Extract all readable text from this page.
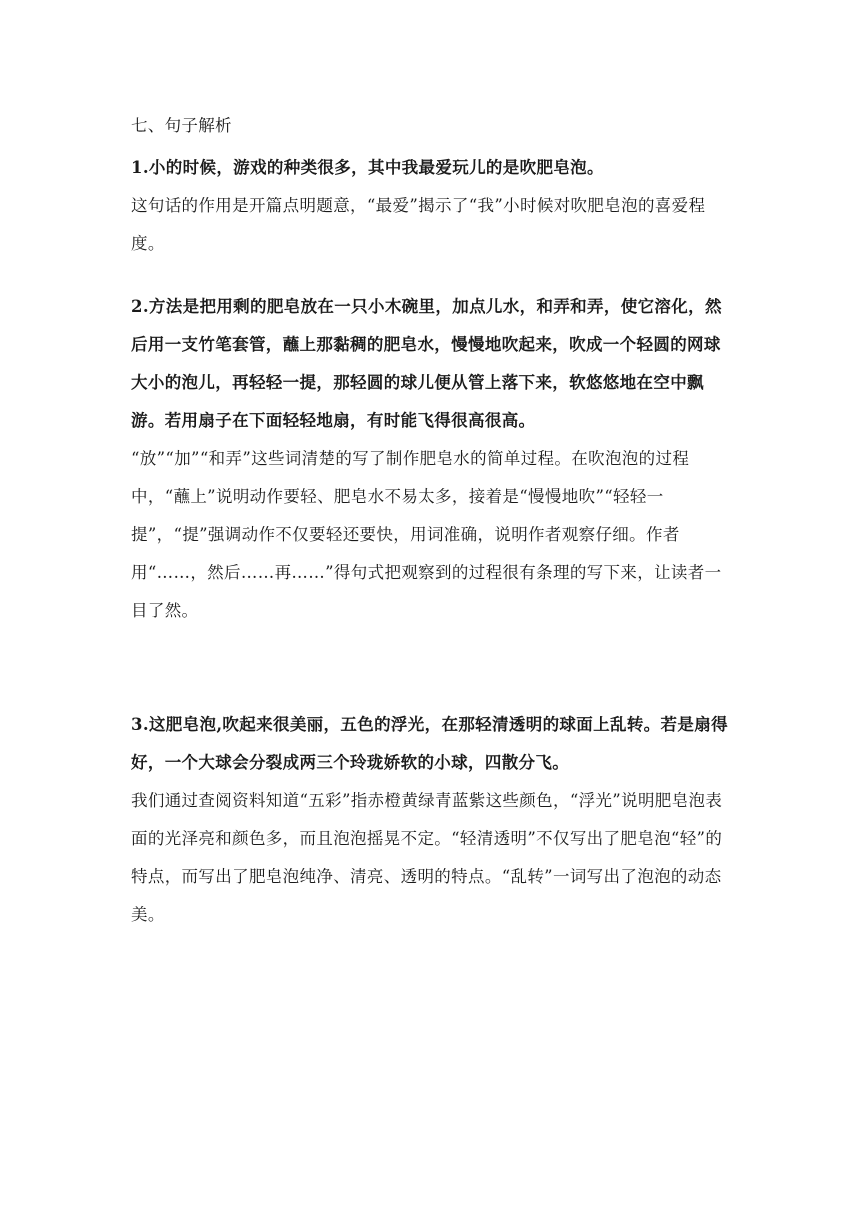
七、句子解析

1.小的时候，游戏的种类很多，其中我最爱玩儿的是吹肥皂泡。

这句话的作用是开篇点明题意，“最爱”揭示了“我”小时候对吹肥皂泡的喜爱程度。

2.方法是把用剩的肥皂放在一只小木碗里，加点儿水，和弄和弄，使它溶化，然后用一支竹笔套管，蘸上那黏稠的肥皂水，慢慢地吹起来，吹成一个轻圆的网球大小的泡儿，再轻轻一提，那轻圆的球儿便从管上落下来，软悠悠地在空中飘游。若用扇子在下面轻轻地扇，有时能飞得很高很高。

“放”“加”“和弄”这些词清楚的写了制作肥皂水的简单过程。在吹泡泡的过程中，“蘸上”说明动作要轻、肥皂水不易太多，接着是“慢慢地吹”“轻轻一提”，“提”强调动作不仅要轻还要快，用词准确，说明作者观察仔细。作者用“……，然后……再……”得句式把观察到的过程很有条理的写下来，让读者一目了然。

3.这肥皂泡,吹起来很美丽，五色的浮光，在那轻清透明的球面上乱转。若是扇得好，一个大球会分裂成两三个玲珑娇软的小球，四散分飞。

我们通过查阅资料知道“五彩”指赤橙黄绿青蓝紫这些颜色，“浮光”说明肥皂泡表面的光泽亮和颜色多，而且泡泡摇晃不定。“轻清透明”不仅写出了肥皂泡“轻”的特点，而写出了肥皂泡纯净、清亮、透明的特点。“乱转”一词写出了泡泡的动态美。
